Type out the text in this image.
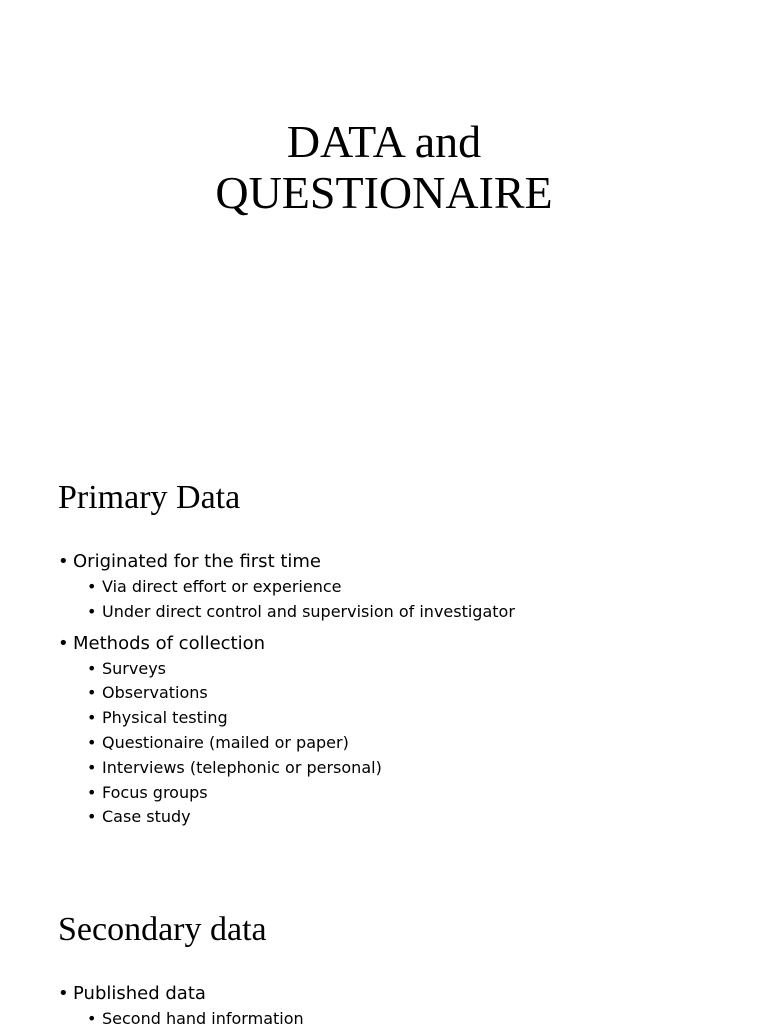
DATA and
QUESTIONAIRE
Primary Data
• Originated for the first time
• Via direct effort or experience
• Under direct control and supervision of investigator
• Methods of collection
• Surveys
• Observations
• Physical testing
• Questionaire (mailed or paper)
• Interviews (telephonic or personal)
• Focus groups
• Case study
Secondary data
• Published data
• Second hand information
